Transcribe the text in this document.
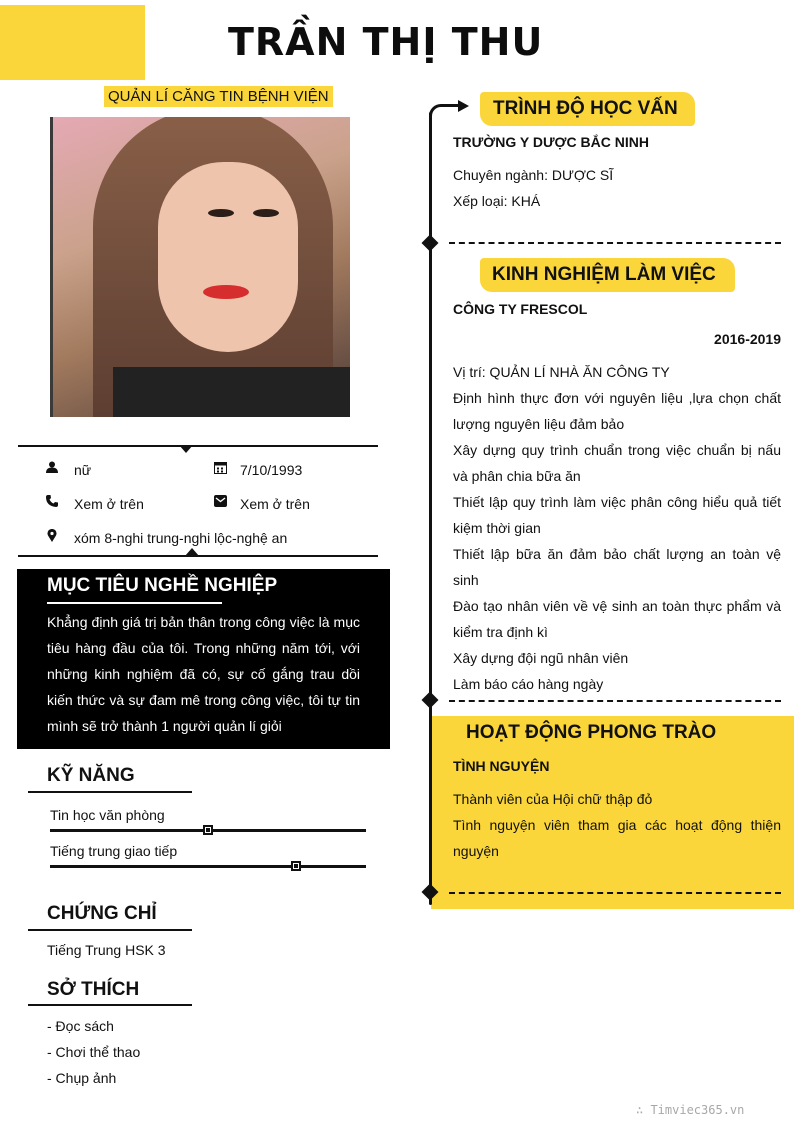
TRẦN THỊ THU
QUẢN LÍ CĂNG TIN BỆNH VIỆN
nữ	7/10/1993
Xem ở trên	Xem ở trên
xóm 8-nghi trung-nghi lộc-nghệ an
MỤC TIÊU NGHỀ NGHIỆP

Khẳng định giá trị bản thân trong công việc là mục tiêu hàng đầu của tôi. Trong những năm tới, với những kinh nghiệm đã có, sự cố gắng trau dồi kiến thức và sự đam mê trong công việc, tôi tự tin mình sẽ trở thành 1 người quản lí giỏi

KỸ NĂNG
Tin học văn phòng
Tiếng trung giao tiếp
CHỨNG CHỈ
Tiếng Trung HSK 3
SỞ THÍCH
- Đọc sách
- Chơi thể thao
- Chụp ảnh
TRÌNH ĐỘ HỌC VẤN
TRƯỜNG Y DƯỢC BẮC NINH
Chuyên ngành: DƯỢC SĨ
Xếp loại: KHÁ
KINH NGHIỆM LÀM VIỆC
CÔNG TY FRESCOL
2016-2019
Vị trí: QUẢN LÍ NHÀ ĂN CÔNG TY
Định hình thực đơn với nguyên liệu ,lựa chọn chất lượng nguyên liệu đảm bảo
Xây dựng quy trình chuẩn trong việc chuẩn bị nấu và phân chia bữa ăn
Thiết lập quy trình làm việc phân công hiểu quả tiết kiệm thời gian
Thiết lập bữa ăn đảm bảo chất lượng an toàn vệ sinh
Đào tạo nhân viên về vệ sinh an toàn thực phẩm và kiểm tra định kì
Xây dựng đội ngũ nhân viên
Làm báo cáo hàng ngày
HOẠT ĐỘNG PHONG TRÀO
TÌNH NGUYỆN
Thành viên của Hội chữ thập đỏ
Tình nguyện viên tham gia các hoạt động thiện nguyện
∴ Timviec365.vn
